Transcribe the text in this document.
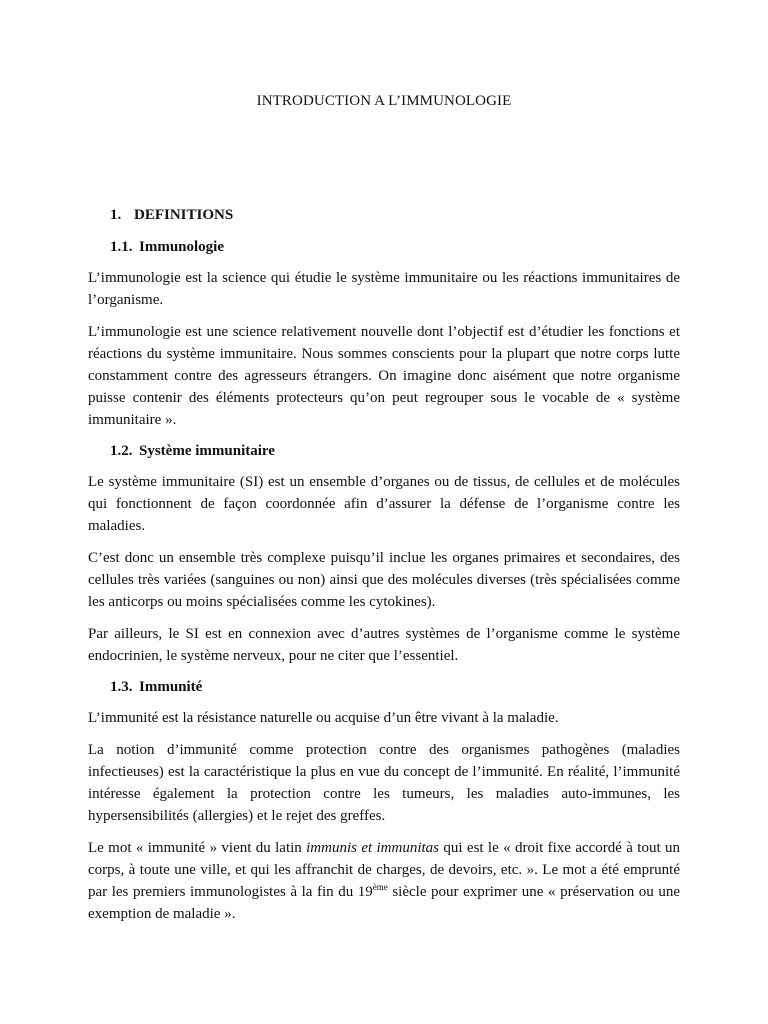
INTRODUCTION A L’IMMUNOLOGIE
1. DEFINITIONS
1.1. Immunologie

L’immunologie est la science qui étudie le système immunitaire ou les réactions immunitaires de l’organisme.

L’immunologie est une science relativement nouvelle dont l’objectif est d’étudier les fonctions et réactions du système immunitaire. Nous sommes conscients pour la plupart que notre corps lutte constamment contre des agresseurs étrangers. On imagine donc aisément que notre organisme puisse contenir des éléments protecteurs qu’on peut regrouper sous le vocable de « système immunitaire ».

1.2. Système immunitaire

Le système immunitaire (SI) est un ensemble d’organes ou de tissus, de cellules et de molécules qui fonctionnent de façon coordonnée afin d’assurer la défense de l’organisme contre les maladies.

C’est donc un ensemble très complexe puisqu’il inclue les organes primaires et secondaires, des cellules très variées (sanguines ou non) ainsi que des molécules diverses (très spécialisées comme les anticorps ou moins spécialisées comme les cytokines).

Par ailleurs, le SI est en connexion avec d’autres systèmes de l’organisme comme le système endocrinien, le système nerveux, pour ne citer que l’essentiel.

1.3. Immunité

L’immunité est la résistance naturelle ou acquise d’un être vivant à la maladie.

La notion d’immunité comme protection contre des organismes pathogènes (maladies infectieuses) est la caractéristique la plus en vue du concept de l’immunité. En réalité, l’immunité intéresse également la protection contre les tumeurs, les maladies auto-immunes, les hypersensibilités (allergies) et le rejet des greffes.

Le mot « immunité » vient du latin immunis et immunitas qui est le « droit fixe accordé à tout un corps, à toute une ville, et qui les affranchit de charges, de devoirs, etc. ». Le mot a été emprunté par les premiers immunologistes à la fin du 19ème siècle pour exprimer une « préservation ou une exemption de maladie ».
